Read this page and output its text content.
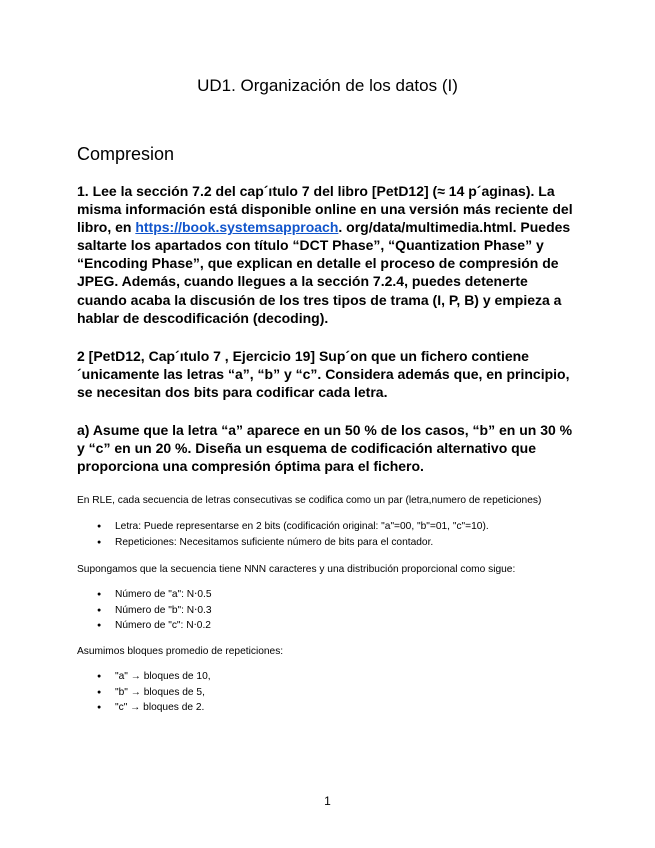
UD1. Organización de los datos (I)
Compresion
1. Lee la sección 7.2 del cap´ıtulo 7 del libro [PetD12] (≈ 14 p´aginas). La misma información está disponible online en una versión más reciente del libro, en https://book.systemsapproach. org/data/multimedia.html. Puedes saltarte los apartados con título “DCT Phase”, “Quantization Phase” y “Encoding Phase”, que explican en detalle el proceso de compresión de JPEG. Además, cuando llegues a la sección 7.2.4, puedes detenerte cuando acaba la discusión de los tres tipos de trama (I, P, B) y empieza a hablar de descodificación (decoding).
2 [PetD12, Cap´ıtulo 7 , Ejercicio 19] Sup´on que un fichero contiene ´unicamente las letras “a”, “b” y “c”. Considera además que, en principio, se necesitan dos bits para codificar cada letra.
a) Asume que la letra “a” aparece en un 50 % de los casos, “b” en un 30 % y “c” en un 20 %. Diseña un esquema de codificación alternativo que proporciona una compresión óptima para el fichero.
En RLE, cada secuencia de letras consecutivas se codifica como un par (letra,numero de repeticiones)
● Letra: Puede representarse en 2 bits (codificación original: "a"=00, "b"=01, "c"=10).
● Repeticiones: Necesitamos suficiente número de bits para el contador.
Supongamos que la secuencia tiene NNN caracteres y una distribución proporcional como sigue:
● Número de "a": N⋅0.5
● Número de "b": N⋅0.3
● Número de "c": N⋅0.2
Asumimos bloques promedio de repeticiones:
● "a" → bloques de 10,
● "b" → bloques de 5,
● "c" → bloques de 2.
1
